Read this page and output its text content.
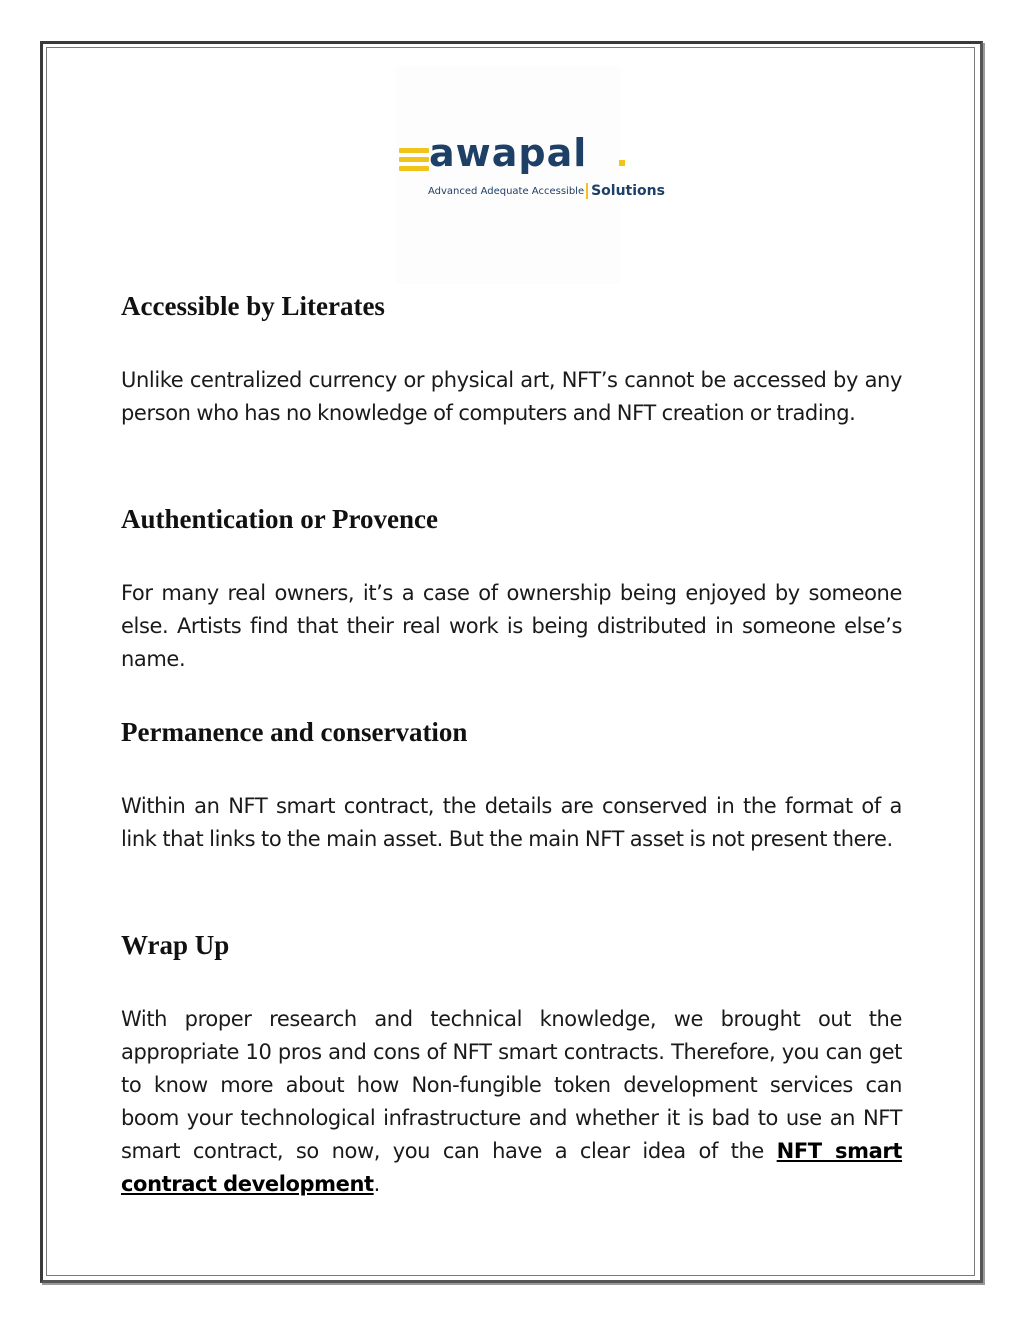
awapal
Advanced Adequate Accessible Solutions
Accessible by Literates

Unlike centralized currency or physical art, NFT’s cannot be accessed by any person who has no knowledge of computers and NFT creation or trading.

Authentication or Provence

For many real owners, it’s a case of ownership being enjoyed by someone else. Artists find that their real work is being distributed in someone else’s name.

Permanence and conservation

Within an NFT smart contract, the details are conserved in the format of a link that links to the main asset. But the main NFT asset is not present there.

Wrap Up

With proper research and technical knowledge, we brought out the appropriate 10 pros and cons of NFT smart contracts. Therefore, you can get to know more about how Non-fungible token development services can boom your technological infrastructure and whether it is bad to use an NFT smart contract, so now, you can have a clear idea of the NFT smart contract development.
